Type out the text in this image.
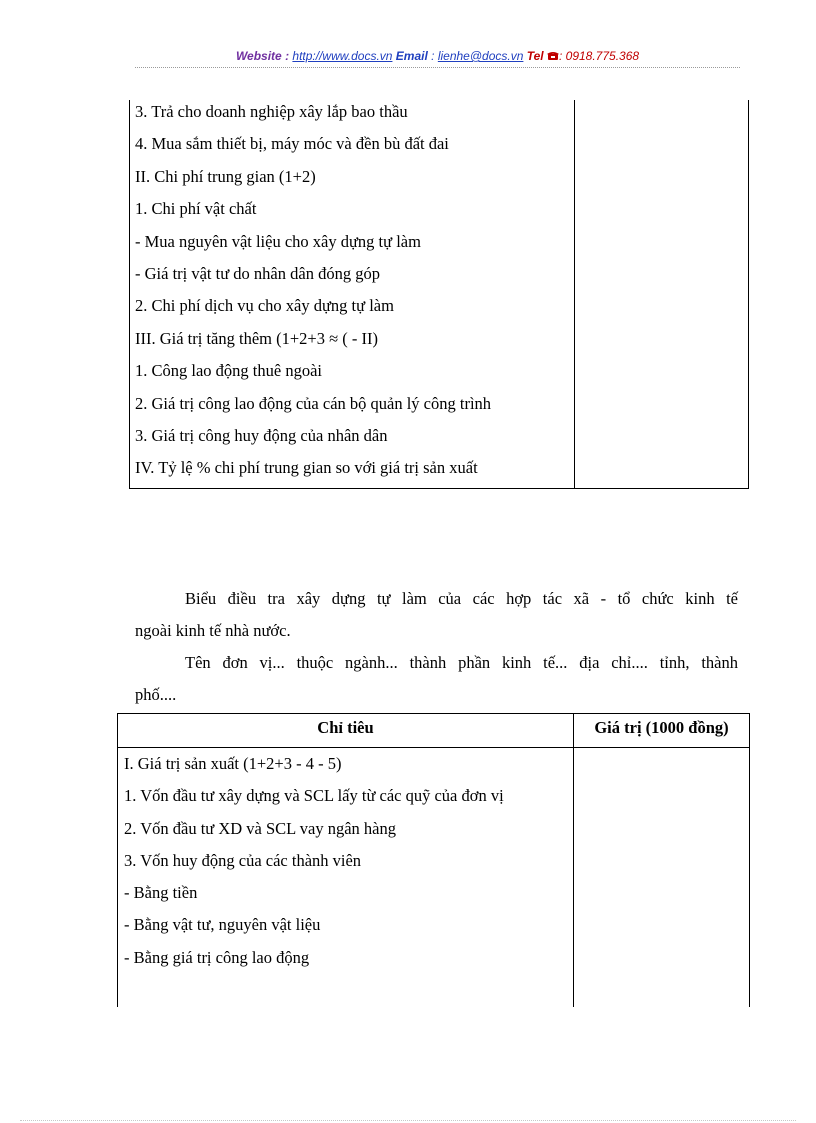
Website : http://www.docs.vn Email : lienhe@docs.vn Tel : 0918.775.368
3. Trả cho doanh nghiệp xây lắp bao thầu
4. Mua sắm thiết bị, máy móc và đền bù đất đai
II. Chi phí trung gian (1+2)
1. Chi phí vật chất
- Mua nguyên vật liệu cho xây dựng tự làm
- Giá trị vật tư do nhân dân đóng góp
2. Chi phí dịch vụ cho xây dựng tự làm
III. Giá trị tăng thêm (1+2+3 ≈ ( - II)
1. Công lao động thuê ngoài
2. Giá trị công lao động của cán bộ quản lý công trình
3. Giá trị công huy động của nhân dân
IV. Tỷ lệ % chi phí trung gian so với giá trị sản xuất
Biểu điều tra xây dựng tự làm của các hợp tác xã - tổ chức kinh tế
ngoài kinh tế nhà nước.
Tên đơn vị... thuộc ngành... thành phần kinh tế... địa chỉ.... tỉnh, thành
phố....
Chỉ tiêu	Giá trị (1000 đồng)
I. Giá trị sản xuất (1+2+3 - 4 - 5)
1. Vốn đầu tư xây dựng và SCL lấy từ các quỹ của đơn vị
2. Vốn đầu tư XD và SCL vay ngân hàng
3. Vốn huy động của các thành viên
- Bằng tiền
- Bằng vật tư, nguyên vật liệu
- Bằng giá trị công lao động
